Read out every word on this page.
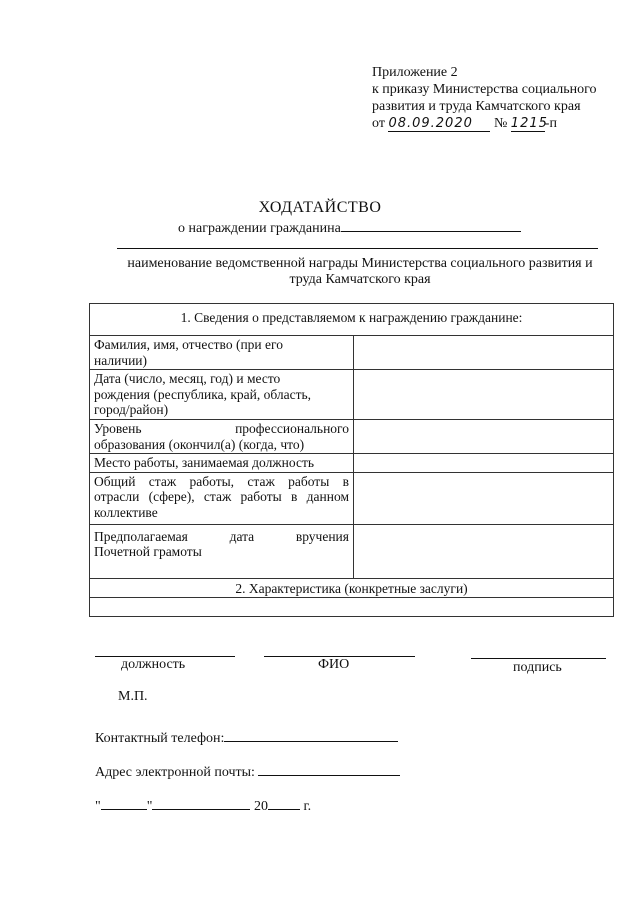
Приложение 2
к приказу Министерства социального
развития и труда Камчатского края
от 08.09.2020 № 1215-п
ХОДАТАЙСТВО
о награждении гражданина
наименование ведомственной награды Министерства социального развития и
труда Камчатского края
1. Сведения о представляемом к награждению гражданине:	

Фамилия, имя, отчество (при его
наличии)	

Дата (число, месяц, год) и место
рождения (республика, край, область,
город/район)	

Уровень профессионального
образования (окончил(а) (когда, что)	

Место работы, занимаемая должность	

Общий стаж работы, стаж работы в
отрасли (сфере), стаж работы в данном
коллективе	

Предполагаемая дата вручения
Почетной грамоты	

2. Характеристика (конкретные заслуги)	

должность	ФИО	подпись
М.П.
Контактный телефон:
Адрес электронной почты:
"	"	20	г.
